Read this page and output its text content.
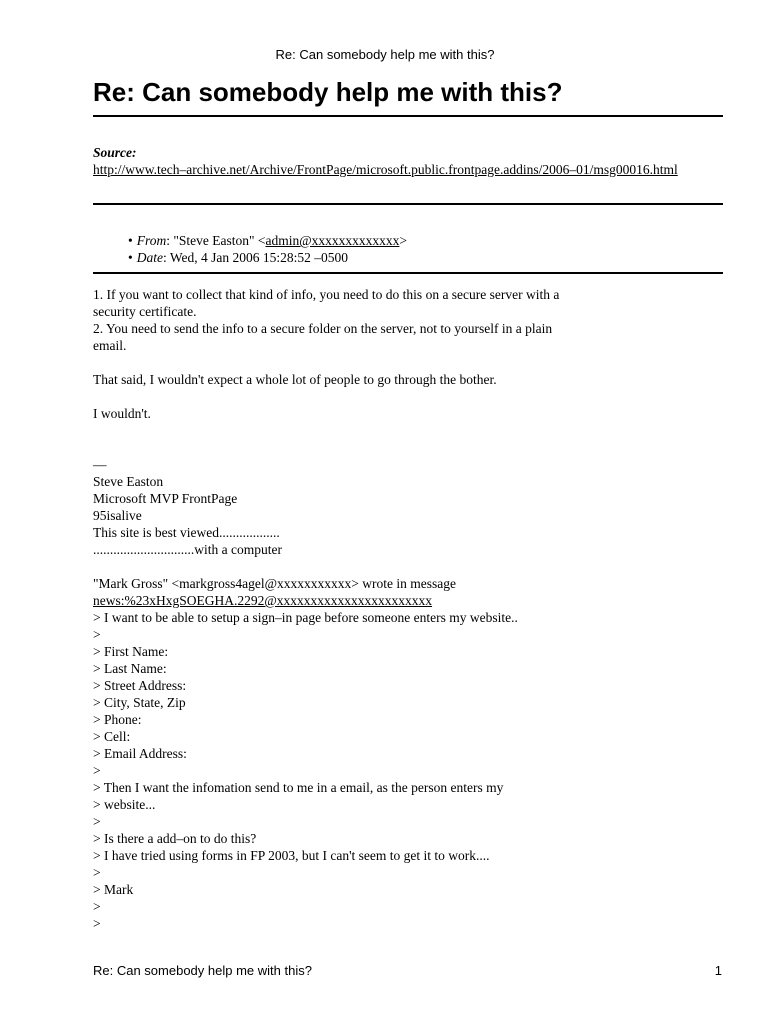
Re: Can somebody help me with this?
Re: Can somebody help me with this?
Source:
http://www.tech–archive.net/Archive/FrontPage/microsoft.public.frontpage.addins/2006–01/msg00016.html
• From: "Steve Easton" <admin@xxxxxxxxxxxxx>
• Date: Wed, 4 Jan 2006 15:28:52 –0500
1. If you want to collect that kind of info, you need to do this on a secure server with a
security certificate.
2. You need to send the info to a secure folder on the server, not to yourself in a plain
email.
That said, I wouldn't expect a whole lot of people to go through the bother.
I wouldn't.
––
Steve Easton
Microsoft MVP FrontPage
95isalive
This site is best viewed..................
..............................with a computer
"Mark Gross" <markgross4agel@xxxxxxxxxxx> wrote in message
news:%23xHxgSOEGHA.2292@xxxxxxxxxxxxxxxxxxxxxxx
> I want to be able to setup a sign–in page before someone enters my website..
>
> First Name:
> Last Name:
> Street Address:
> City, State, Zip
> Phone:
> Cell:
> Email Address:
>
> Then I want the infomation send to me in a email, as the person enters my
> website...
>
> Is there a add–on to do this?
> I have tried using forms in FP 2003, but I can't seem to get it to work....
>
> Mark
>
>
Re: Can somebody help me with this?	1
